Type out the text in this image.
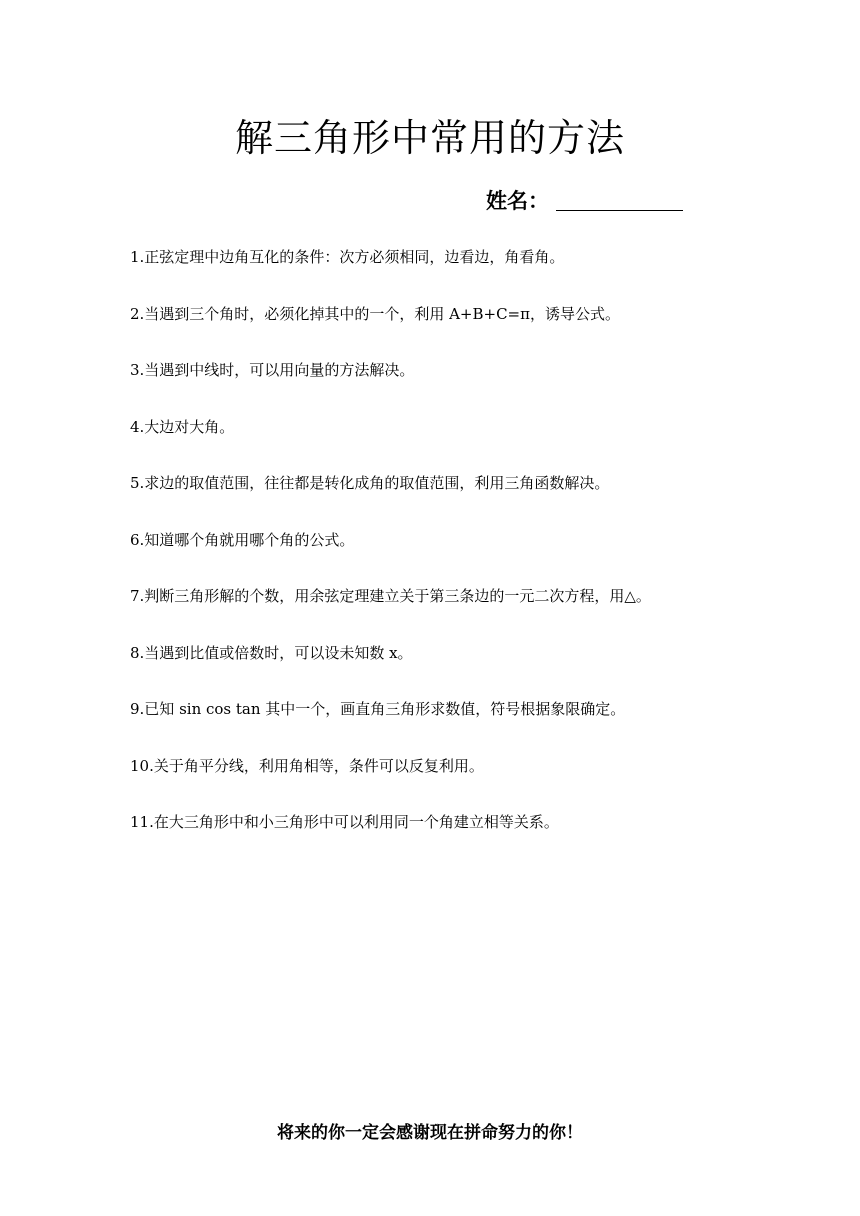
解三角形中常用的方法
姓名：
1.正弦定理中边角互化的条件：次方必须相同，边看边，角看角。
2.当遇到三个角时，必须化掉其中的一个，利用 A+B+C=π，诱导公式。
3.当遇到中线时，可以用向量的方法解决。
4.大边对大角。
5.求边的取值范围，往往都是转化成角的取值范围，利用三角函数解决。
6.知道哪个角就用哪个角的公式。
7.判断三角形解的个数，用余弦定理建立关于第三条边的一元二次方程，用△。
8.当遇到比值或倍数时，可以设未知数 x。
9.已知 sin cos tan 其中一个，画直角三角形求数值，符号根据象限确定。
10.关于角平分线，利用角相等，条件可以反复利用。
11.在大三角形中和小三角形中可以利用同一个角建立相等关系。
将来的你一定会感谢现在拼命努力的你！
